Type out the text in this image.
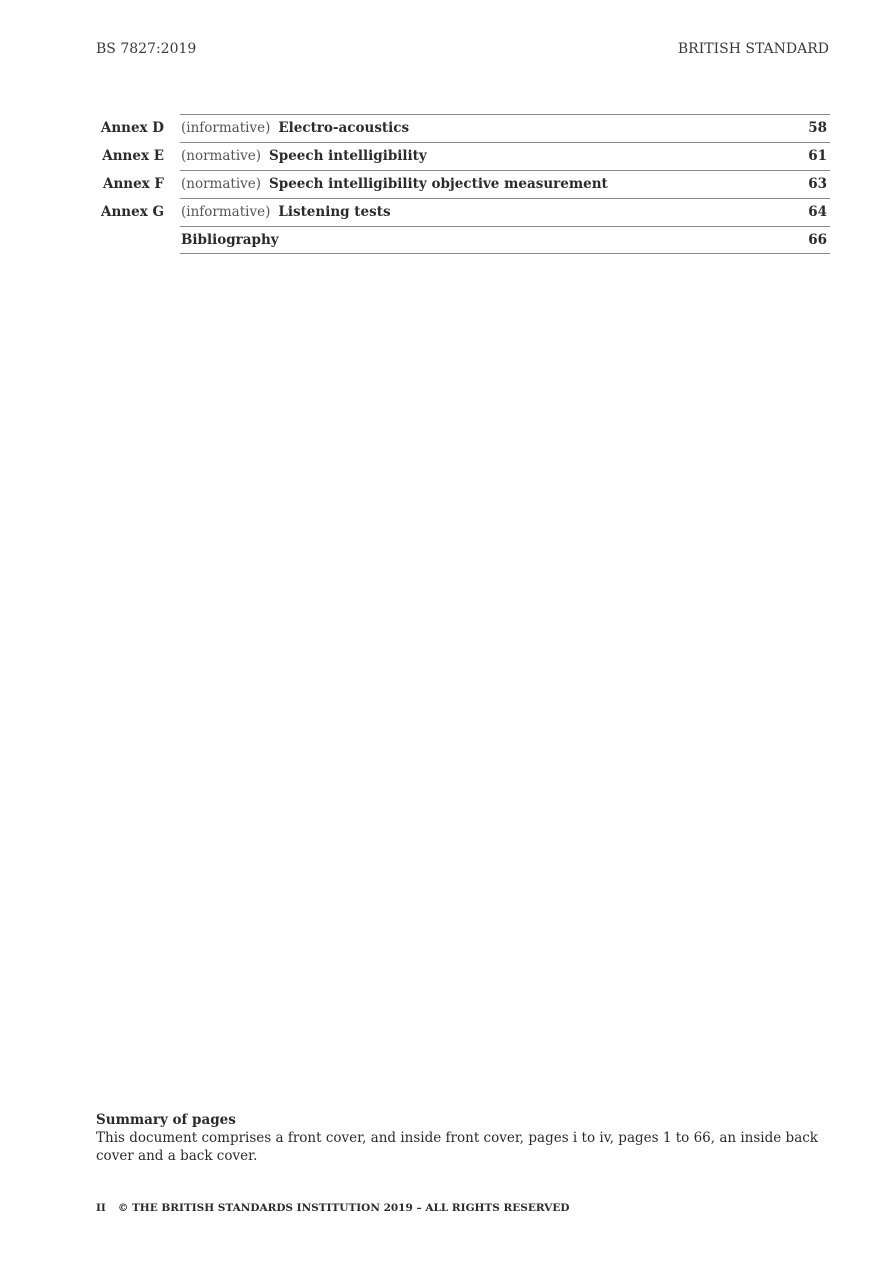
BS 7827:2019	BRITISH STANDARD
Annex D (informative) Electro-acoustics	58
Annex E (normative) Speech intelligibility	61
Annex F (normative) Speech intelligibility objective measurement	63
Annex G (informative) Listening tests	64
Bibliography	66
Summary of pages
This document comprises a front cover, and inside front cover, pages i to iv, pages 1 to 66, an inside back cover and a back cover.
II © THE BRITISH STANDARDS INSTITUTION 2019 – ALL RIGHTS RESERVED
